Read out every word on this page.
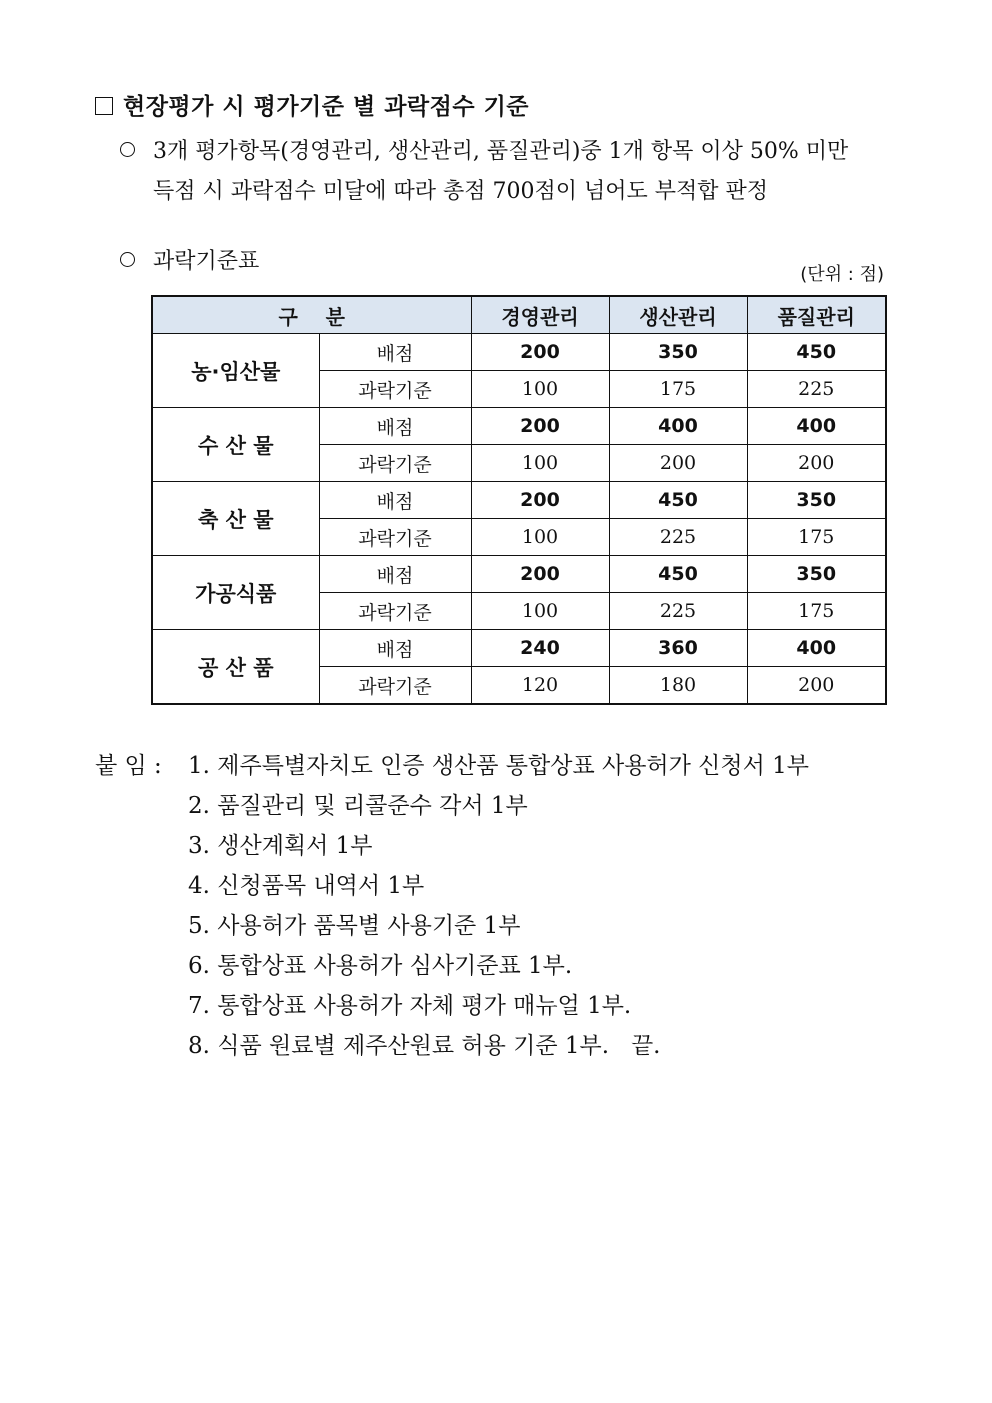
현장평가 시 평가기준 별 과락점수 기준
3개 평가항목(경영관리, 생산관리, 품질관리)중 1개 항목 이상 50% 미만
득점 시 과락점수 미달에 따라 총점 700점이 넘어도 부적합 판정
과락기준표
(단위 : 점)
구    분		경영관리	생산관리	품질관리
농·임산물	배점	200	350	450
	과락기준	100	175	225
수 산 물	배점	200	400	400
	과락기준	100	200	200
축 산 물	배점	200	450	350
	과락기준	100	225	175
가공식품	배점	200	450	350
	과락기준	100	225	175
공 산 품	배점	240	360	400
	과락기준	120	180	200
붙 임 : 1. 제주특별자치도 인증 생산품 통합상표 사용허가 신청서 1부
2. 품질관리 및 리콜준수 각서 1부
3. 생산계획서 1부
4. 신청품목 내역서 1부
5. 사용허가 품목별 사용기준 1부
6. 통합상표 사용허가 심사기준표 1부.
7. 통합상표 사용허가 자체 평가 매뉴얼 1부.
8. 식품 원료별 제주산원료 허용 기준 1부.   끝.
